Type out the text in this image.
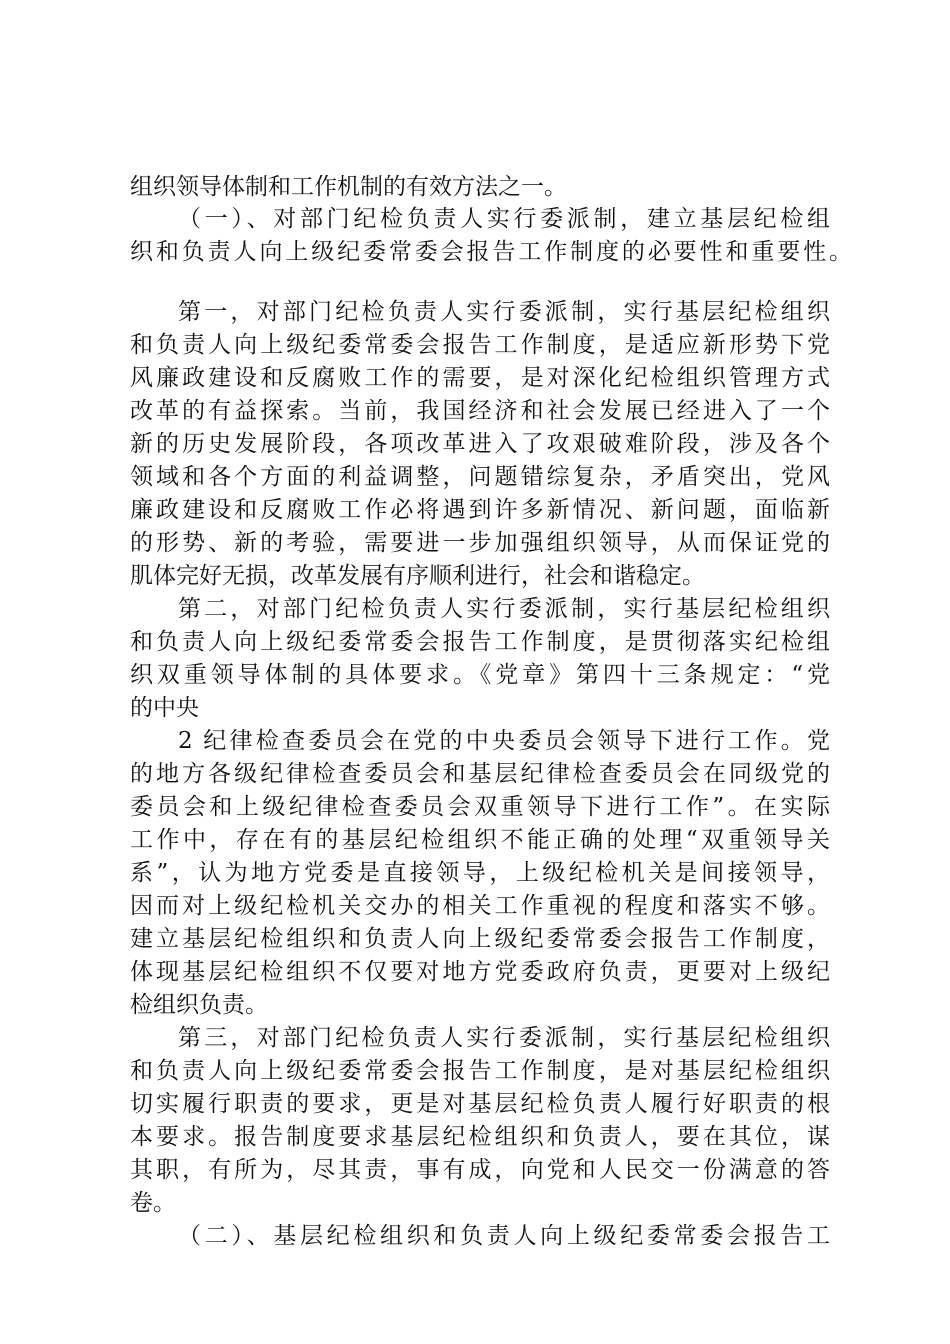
组织领导体制和工作机制的有效方法之一。
（一）、对部门纪检负责人实行委派制，建立基层纪检组
织和负责人向上级纪委常委会报告工作制度的必要性和重要性。
第一，对部门纪检负责人实行委派制，实行基层纪检组织
和负责人向上级纪委常委会报告工作制度，是适应新形势下党
风廉政建设和反腐败工作的需要，是对深化纪检组织管理方式
改革的有益探索。当前，我国经济和社会发展已经进入了一个
新的历史发展阶段，各项改革进入了攻艰破难阶段，涉及各个
领域和各个方面的利益调整，问题错综复杂，矛盾突出，党风
廉政建设和反腐败工作必将遇到许多新情况、新问题，面临新
的形势、新的考验，需要进一步加强组织领导，从而保证党的
肌体完好无损，改革发展有序顺利进行，社会和谐稳定。
第二，对部门纪检负责人实行委派制，实行基层纪检组织
和负责人向上级纪委常委会报告工作制度，是贯彻落实纪检组
织双重领导体制的具体要求。《党章》第四十三条规定：“党
的中央
2 纪律检查委员会在党的中央委员会领导下进行工作。党
的地方各级纪律检查委员会和基层纪律检查委员会在同级党的
委员会和上级纪律检查委员会双重领导下进行工作”。在实际
工作中，存在有的基层纪检组织不能正确的处理“双重领导关
系”，认为地方党委是直接领导，上级纪检机关是间接领导，
因而对上级纪检机关交办的相关工作重视的程度和落实不够。
建立基层纪检组织和负责人向上级纪委常委会报告工作制度，
体现基层纪检组织不仅要对地方党委政府负责，更要对上级纪
检组织负责。
第三，对部门纪检负责人实行委派制，实行基层纪检组织
和负责人向上级纪委常委会报告工作制度，是对基层纪检组织
切实履行职责的要求，更是对基层纪检负责人履行好职责的根
本要求。报告制度要求基层纪检组织和负责人，要在其位，谋
其职，有所为，尽其责，事有成，向党和人民交一份满意的答
卷。
（二）、基层纪检组织和负责人向上级纪委常委会报告工
